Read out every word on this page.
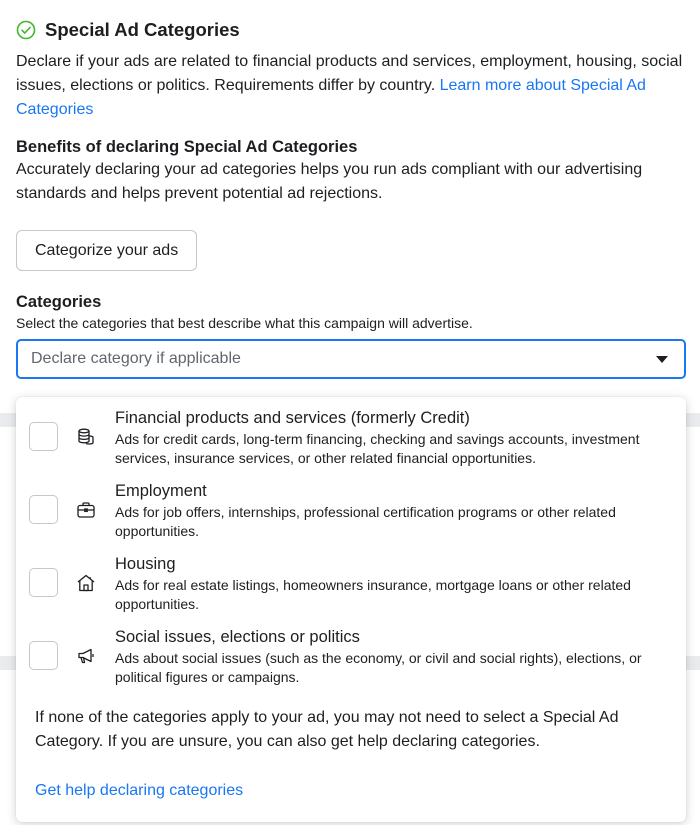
Special Ad Categories

Declare if your ads are related to financial products and services, employment, housing, social issues, elections or politics. Requirements differ by country. Learn more about Special Ad Categories

Benefits of declaring Special Ad Categories

Accurately declaring your ad categories helps you run ads compliant with our advertising standards and helps prevent potential ad rejections.

Categorize your ads
Categories
Select the categories that best describe what this campaign will advertise.
Declare category if applicable
Financial products and services (formerly Credit)
Ads for credit cards, long-term financing, checking and savings accounts, investment services, insurance services, or other related financial opportunities.
Employment
Ads for job offers, internships, professional certification programs or other related opportunities.
Housing
Ads for real estate listings, homeowners insurance, mortgage loans or other related opportunities.
Social issues, elections or politics
Ads about social issues (such as the economy, or civil and social rights), elections, or political figures or campaigns.

If none of the categories apply to your ad, you may not need to select a Special Ad Category. If you are unsure, you can also get help declaring categories.

Get help declaring categories
